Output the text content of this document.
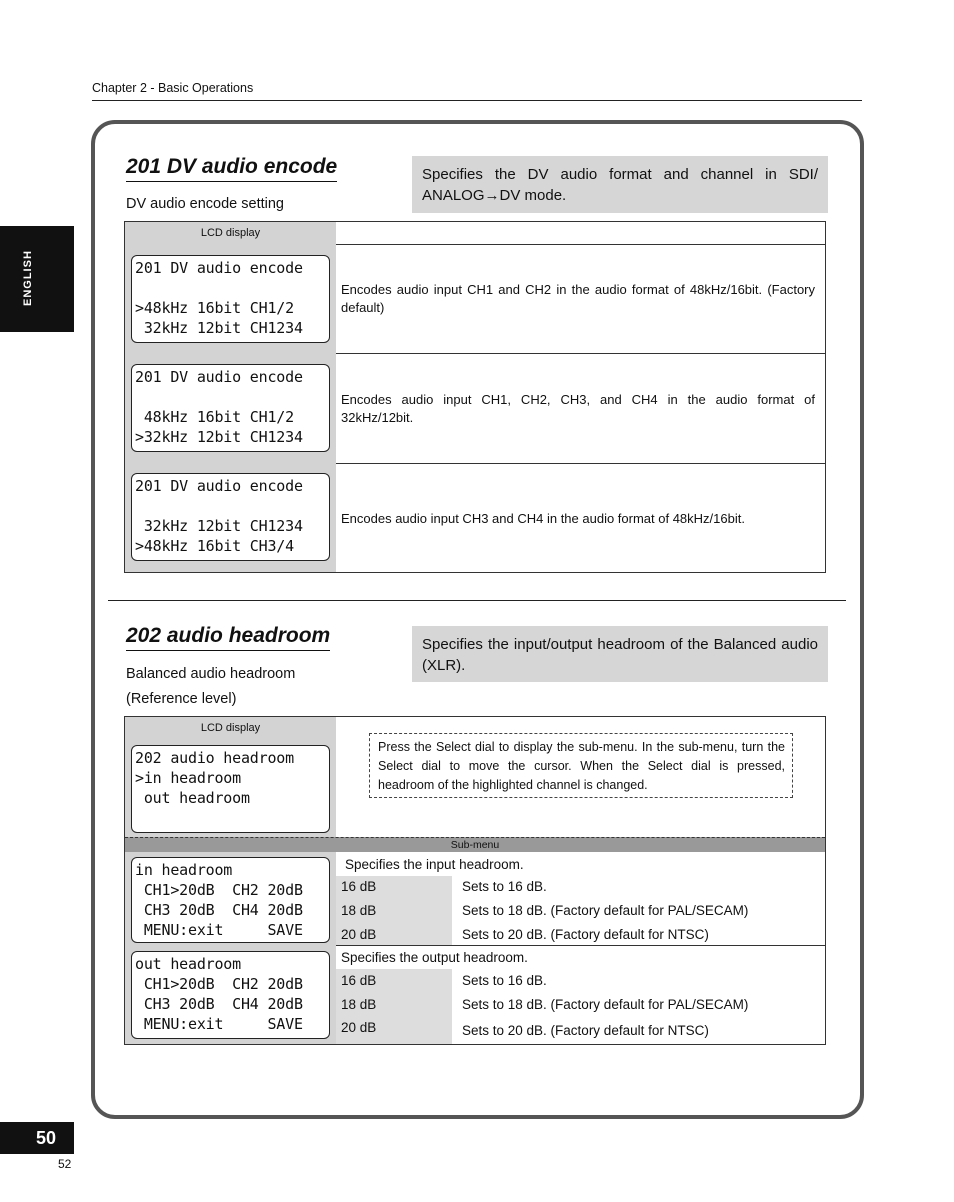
Chapter 2 - Basic Operations
ENGLISH
201 DV audio encode
DV audio encode setting
Specifies the DV audio format and channel in SDI/ ANALOG→DV mode.
LCD display
201 DV audio encode

>48kHz 16bit CH1/2
32kHz 12bit CH1234
Encodes audio input CH1 and CH2 in the audio format of 48kHz/16bit. (Factory default)
201 DV audio encode

48kHz 16bit CH1/2
>32kHz 12bit CH1234
Encodes audio input CH1, CH2, CH3, and CH4 in the audio format of 32kHz/12bit.
201 DV audio encode

32kHz 12bit CH1234
>48kHz 16bit CH3/4
Encodes audio input CH3 and CH4 in the audio format of 48kHz/16bit.
202 audio headroom
Balanced audio headroom
(Reference level)
Specifies the input/output headroom of the Balanced audio (XLR).
LCD display
202 audio headroom
>in headroom
out headroom
Press the Select dial to display the sub-menu. In the sub-menu, turn the Select dial to move the cursor. When the Select dial is pressed, headroom of the highlighted channel is changed.
Sub-menu
in headroom
CH1>20dB  CH2 20dB
CH3 20dB  CH4 20dB
MENU:exit     SAVE
Specifies the input headroom.
16 dB	Sets to 16 dB.
18 dB	Sets to 18 dB. (Factory default for PAL/SECAM)
20 dB	Sets to 20 dB. (Factory default for NTSC)
out headroom
CH1>20dB  CH2 20dB
CH3 20dB  CH4 20dB
MENU:exit     SAVE
Specifies the output headroom.
16 dB	Sets to 16 dB.
18 dB	Sets to 18 dB. (Factory default for PAL/SECAM)
20 dB	Sets to 20 dB. (Factory default for NTSC)
50
52
